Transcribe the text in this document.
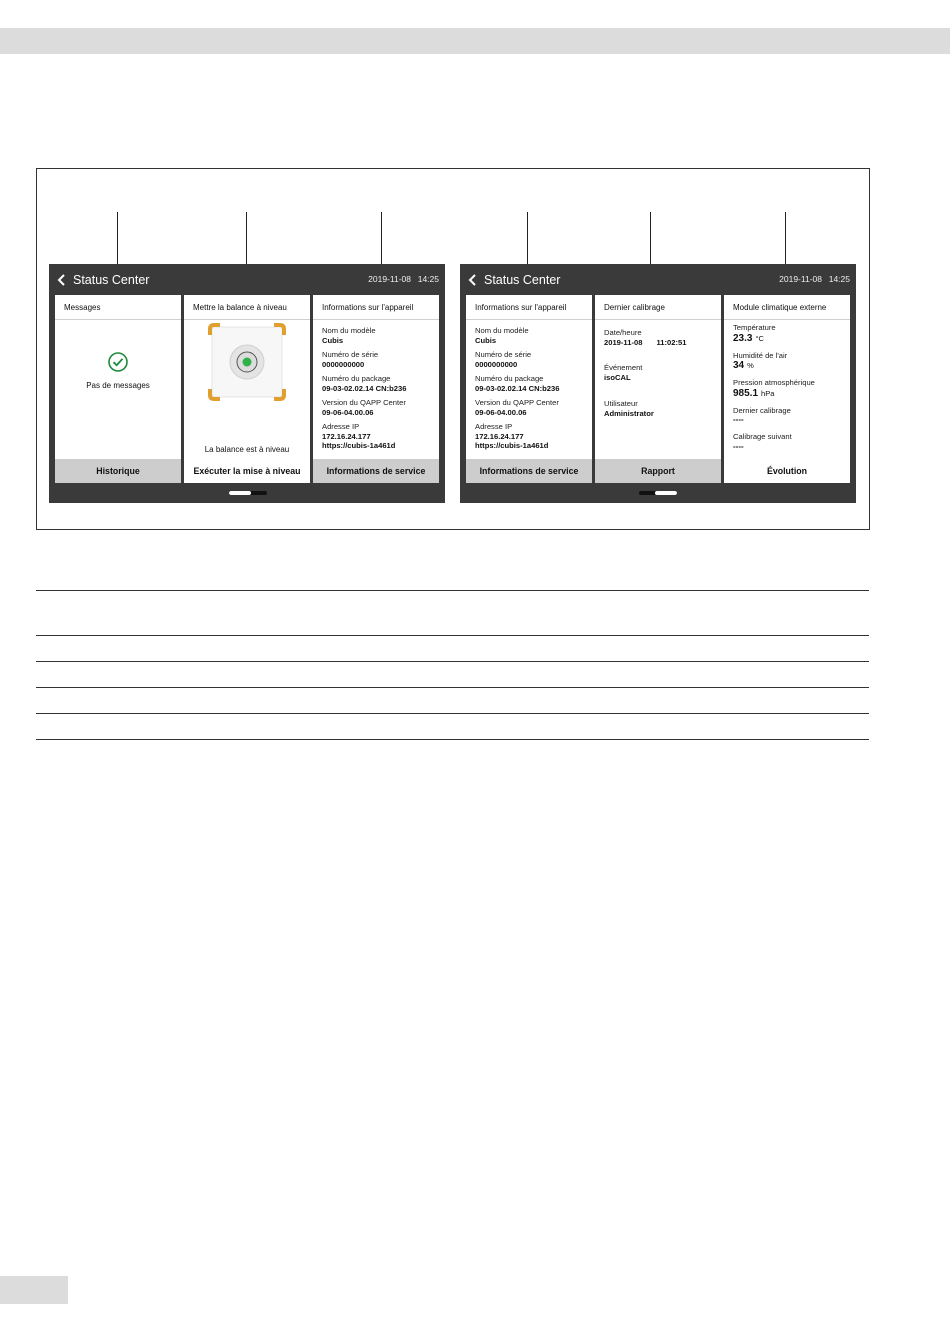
Status Center	2019-11-08 14:25
Messages
Pas de messages
Historique
Mettre la balance à niveau
La balance est à niveau
Exécuter la mise à niveau
Informations sur l'appareil
Nom du modèle
Cubis
Numéro de série
0000000000
Numéro du package
09-03-02.02.14 CN:b236
Version du QAPP Center
09-06-04.00.06
Adresse IP
172.16.24.177
https://cubis-1a461d
Informations de service
Status Center	2019-11-08 14:25
Informations sur l'appareil
Nom du modèle
Cubis
Numéro de série
0000000000
Numéro du package
09-03-02.02.14 CN:b236
Version du QAPP Center
09-06-04.00.06
Adresse IP
172.16.24.177
https://cubis-1a461d
Informations de service
Dernier calibrage
Date/heure
2019-11-08 11:02:51
Événement
isoCAL
Utilisateur
Administrator
Rapport
Module climatique externe
Température
23.3 °C
Humidité de l'air
34 %
Pression atmosphérique
985.1 hPa
Dernier calibrage
----
Calibrage suivant
----
Évolution
